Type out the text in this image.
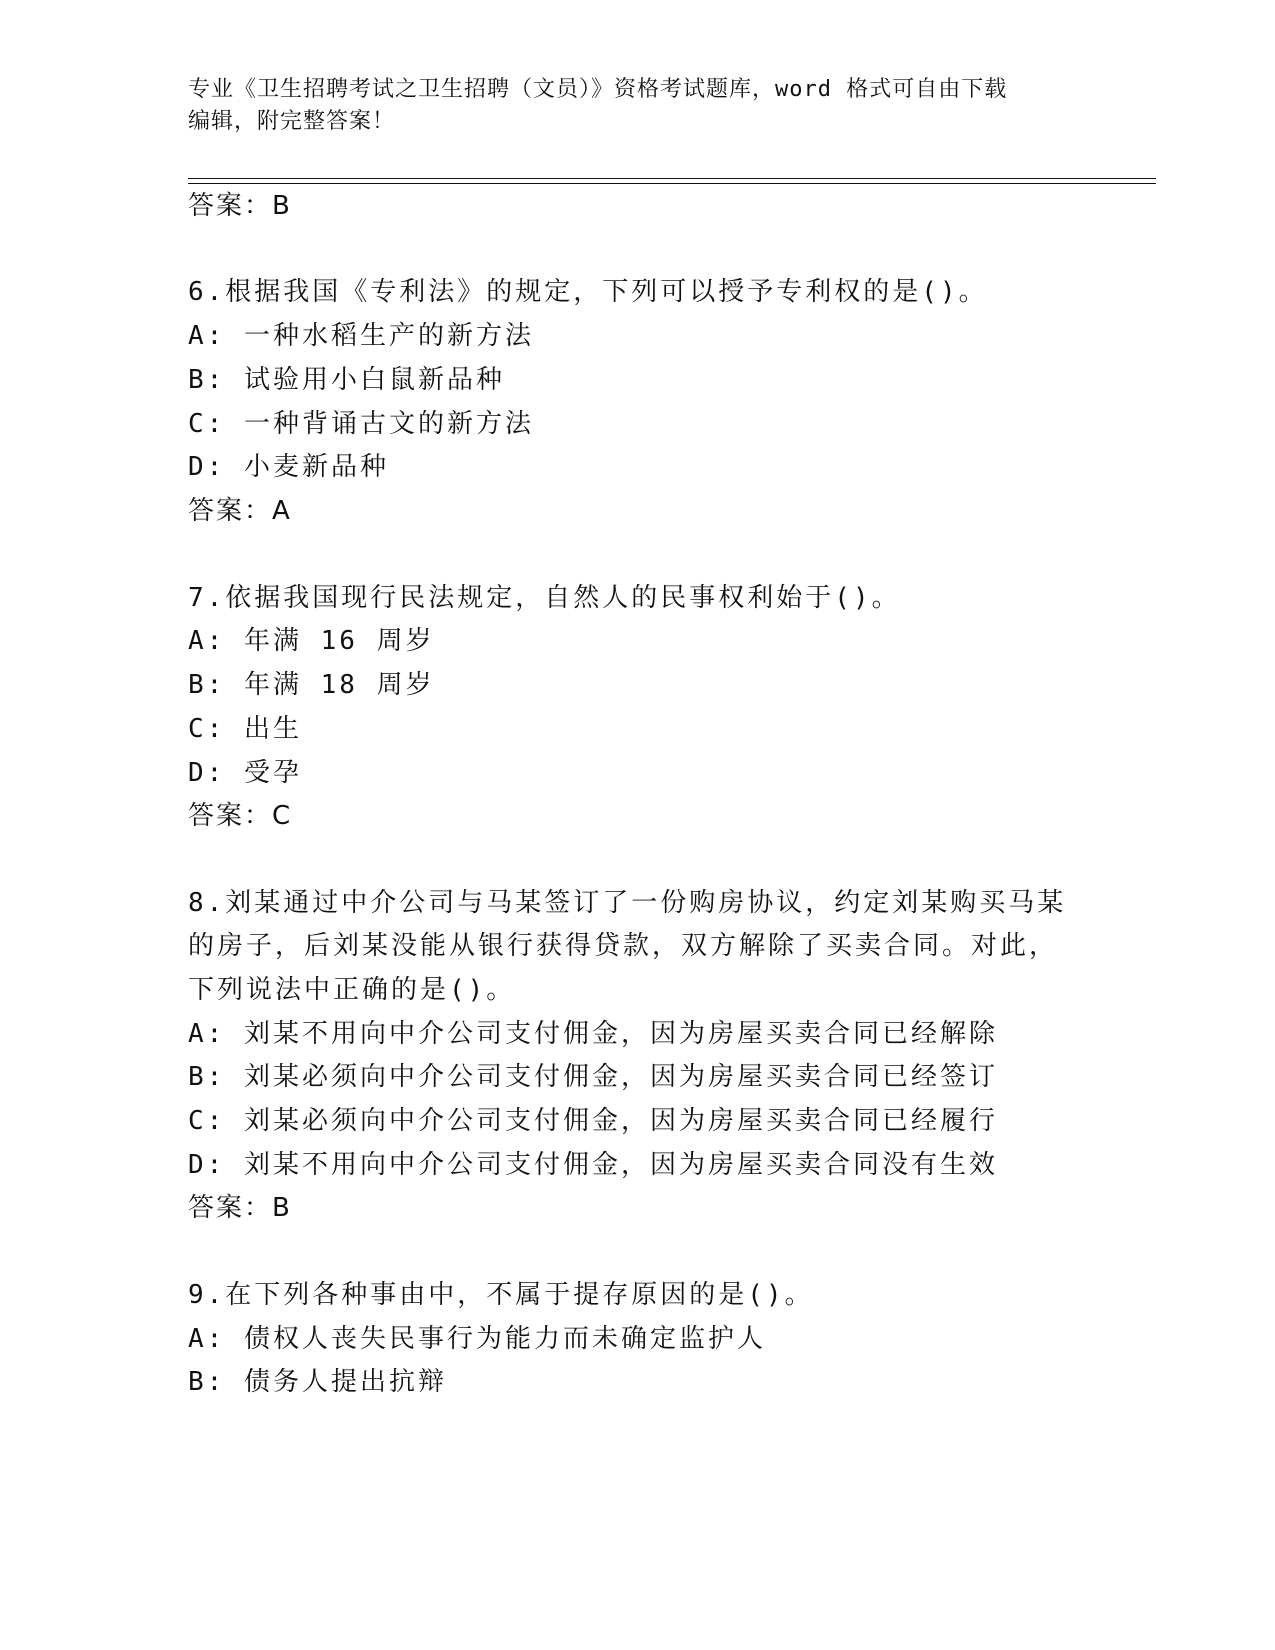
专业《卫生招聘考试之卫生招聘（文员）》资格考试题库，word 格式可自由下载
编辑，附完整答案！
答案：B
6.根据我国《专利法》的规定，下列可以授予专利权的是()。
A: 一种水稻生产的新方法
B: 试验用小白鼠新品种
C: 一种背诵古文的新方法
D: 小麦新品种
答案：A
7.依据我国现行民法规定，自然人的民事权利始于()。
A: 年满 16 周岁
B: 年满 18 周岁
C: 出生
D: 受孕
答案：C
8.刘某通过中介公司与马某签订了一份购房协议，约定刘某购买马某
的房子，后刘某没能从银行获得贷款，双方解除了买卖合同。对此，
下列说法中正确的是()。
A: 刘某不用向中介公司支付佣金，因为房屋买卖合同已经解除
B: 刘某必须向中介公司支付佣金，因为房屋买卖合同已经签订
C: 刘某必须向中介公司支付佣金，因为房屋买卖合同已经履行
D: 刘某不用向中介公司支付佣金，因为房屋买卖合同没有生效
答案：B
9.在下列各种事由中，不属于提存原因的是()。
A: 债权人丧失民事行为能力而未确定监护人
B: 债务人提出抗辩
